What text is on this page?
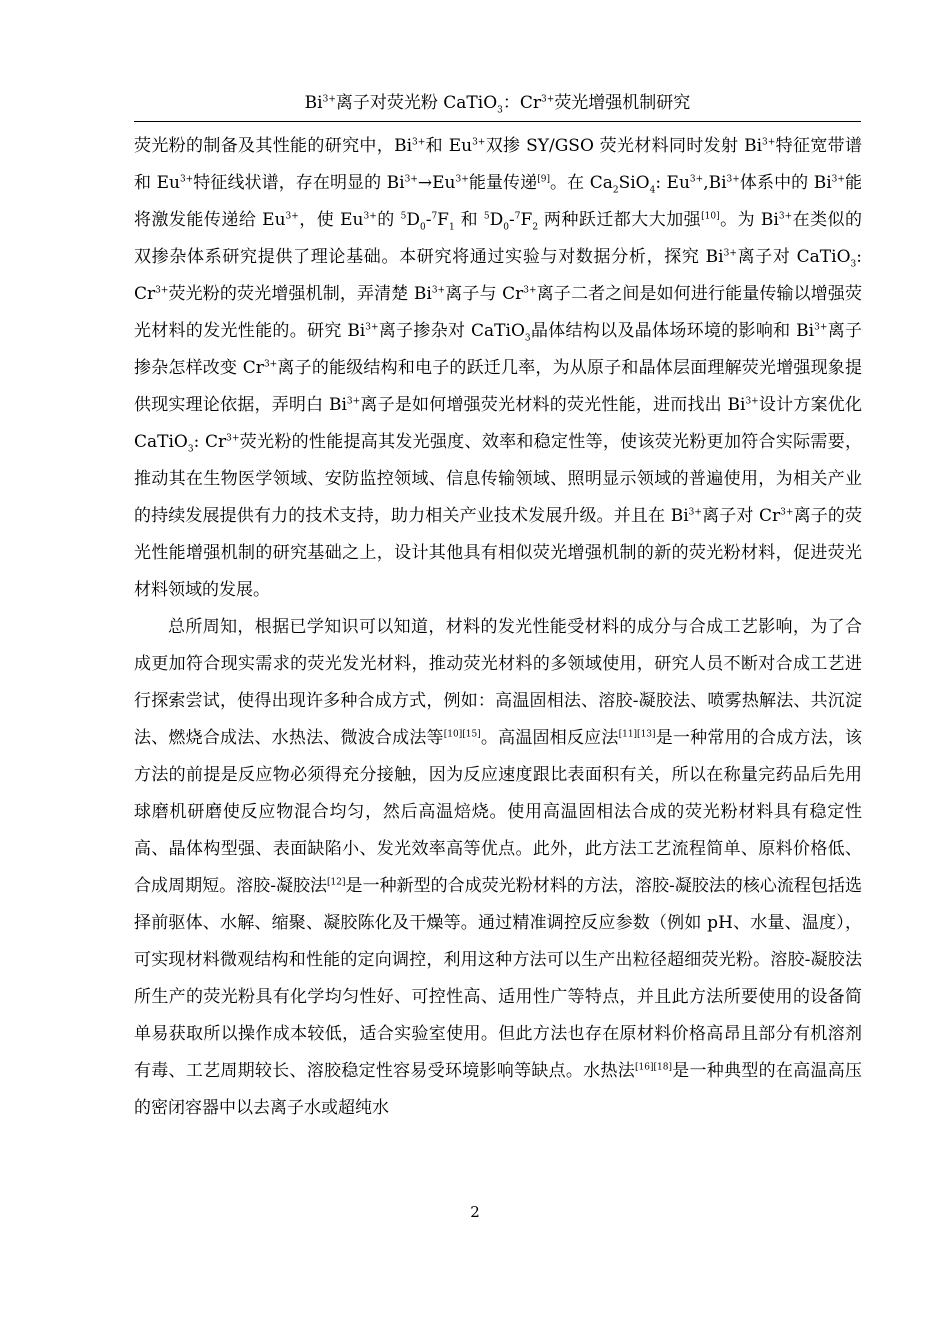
$Bi^{3+}$离子对荧光粉 CaTiO$_3$：$Cr^{3+}$荧光增强机制研究

荧光粉的制备及其性能的研究中，$Bi^{3+}$和 $Eu^{3+}$双掺 SY/GSO 荧光材料同时发射 $Bi^{3+}$特征宽带谱和 $Eu^{3+}$特征线状谱，存在明显的 $Bi^{3+}\to Eu^{3+}$能量传递[9]。在 $Ca_2SiO_4$: $Eu^{3+},Bi^{3+}$体系中的 $Bi^{3+}$能将激发能传递给 $Eu^{3+}$，使 $Eu^{3+}$的 $^5D_0-^7F_1$ 和 $^5D_0-^7F_2$ 两种跃迁都大大加强[10]。为 $Bi^{3+}$在类似的双掺杂体系研究提供了理论基础。本研究将通过实验与对数据分析，探究 $Bi^{3+}$离子对 CaTiO$_3$: $Cr^{3+}$荧光粉的荧光增强机制，弄清楚 $Bi^{3+}$离子与 $Cr^{3+}$离子二者之间是如何进行能量传输以增强荧光材料的发光性能的。研究 $Bi^{3+}$离子掺杂对 CaTiO$_3$晶体结构以及晶体场环境的影响和 $Bi^{3+}$离子掺杂怎样改变 $Cr^{3+}$离子的能级结构和电子的跃迁几率，为从原子和晶体层面理解荧光增强现象提供现实理论依据，弄明白 $Bi^{3+}$离子是如何增强荧光材料的荧光性能，进而找出 $Bi^{3+}$设计方案优化 CaTiO$_3$: $Cr^{3+}$荧光粉的性能提高其发光强度、效率和稳定性等，使该荧光粉更加符合实际需要，推动其在生物医学领域、安防监控领域、信息传输领域、照明显示领域的普遍使用，为相关产业的持续发展提供有力的技术支持，助力相关产业技术发展升级。并且在 $Bi^{3+}$离子对 $Cr^{3+}$离子的荧光性能增强机制的研究基础之上，设计其他具有相似荧光增强机制的新的荧光粉材料，促进荧光材料领域的发展。

总所周知，根据已学知识可以知道，材料的发光性能受材料的成分与合成工艺影响，为了合成更加符合现实需求的荧光发光材料，推动荧光材料的多领域使用，研究人员不断对合成工艺进行探索尝试，使得出现许多种合成方式，例如：高温固相法、溶胶-凝胶法、喷雾热解法、共沉淀法、燃烧合成法、水热法、微波合成法等[10][15]。高温固相反应法[11][13]是一种常用的合成方法，该方法的前提是反应物必须得充分接触，因为反应速度跟比表面积有关，所以在称量完药品后先用球磨机研磨使反应物混合均匀，然后高温焙烧。使用高温固相法合成的荧光粉材料具有稳定性高、晶体构型强、表面缺陷小、发光效率高等优点。此外，此方法工艺流程简单、原料价格低、合成周期短。溶胶-凝胶法[12]是一种新型的合成荧光粉材料的方法，溶胶-凝胶法的核心流程包括选择前驱体、水解、缩聚、凝胶陈化及干燥等。通过精准调控反应参数（例如 pH、水量、温度），可实现材料微观结构和性能的定向调控，利用这种方法可以生产出粒径超细荧光粉。溶胶-凝胶法所生产的荧光粉具有化学均匀性好、可控性高、适用性广等特点，并且此方法所要使用的设备简单易获取所以操作成本较低，适合实验室使用。但此方法也存在原材料价格高昂且部分有机溶剂有毒、工艺周期较长、溶胶稳定性容易受环境影响等缺点。水热法[16][18]是一种典型的在高温高压的密闭容器中以去离子水或超纯水

2
